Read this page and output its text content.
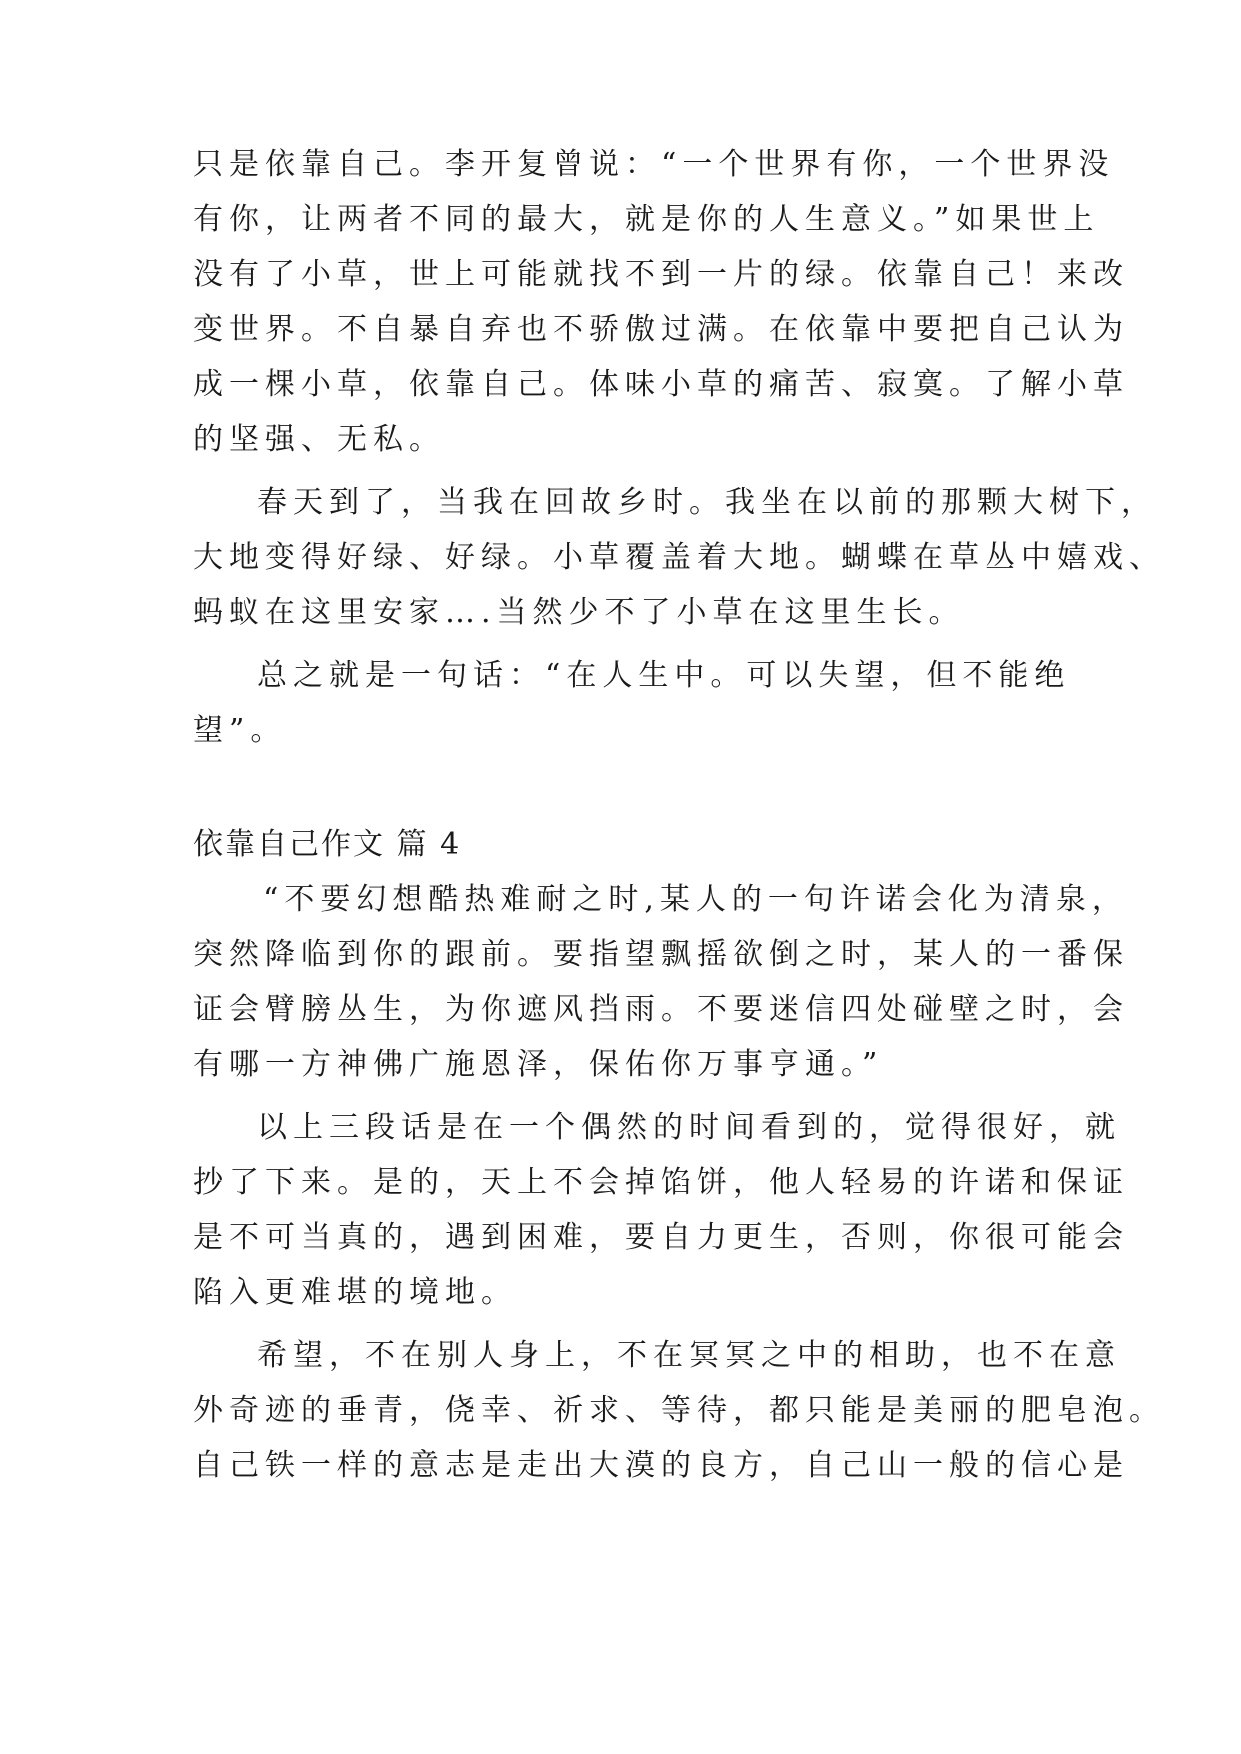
只是依靠自己。李开复曾说：“一个世界有你，一个世界没
有你，让两者不同的最大，就是你的人生意义。”如果世上
没有了小草，世上可能就找不到一片的绿。依靠自己！来改
变世界。不自暴自弃也不骄傲过满。在依靠中要把自己认为
成一棵小草，依靠自己。体味小草的痛苦、寂寞。了解小草
的坚强、无私。
春天到了，当我在回故乡时。我坐在以前的那颗大树下，
大地变得好绿、好绿。小草覆盖着大地。蝴蝶在草丛中嬉戏、
蚂蚁在这里安家….当然少不了小草在这里生长。
总之就是一句话：“在人生中。可以失望，但不能绝
望”。
依靠自己作文 篇 4
“不要幻想酷热难耐之时,某人的一句许诺会化为清泉，
突然降临到你的跟前。要指望飘摇欲倒之时，某人的一番保
证会臂膀丛生，为你遮风挡雨。不要迷信四处碰壁之时，会
有哪一方神佛广施恩泽，保佑你万事亨通。”
以上三段话是在一个偶然的时间看到的，觉得很好，就
抄了下来。是的，天上不会掉馅饼，他人轻易的许诺和保证
是不可当真的，遇到困难，要自力更生，否则，你很可能会
陷入更难堪的境地。
希望，不在别人身上，不在冥冥之中的相助，也不在意
外奇迹的垂青，侥幸、祈求、等待，都只能是美丽的肥皂泡。
自己铁一样的意志是走出大漠的良方，自己山一般的信心是
